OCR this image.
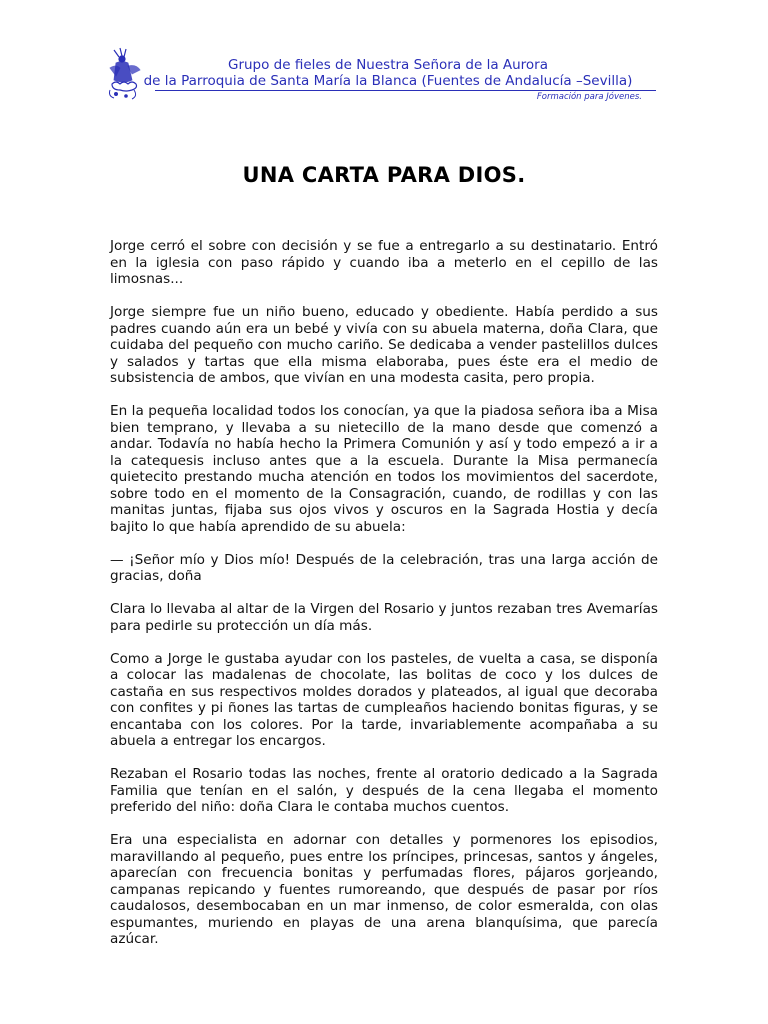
Grupo de fieles de Nuestra Señora de la Aurora
de la Parroquia de Santa María la Blanca (Fuentes de Andalucía –Sevilla)
Formación para Jóvenes.
UNA CARTA PARA DIOS.

Jorge cerró el sobre con decisión y se fue a entregarlo a su destinatario. Entró en la iglesia con paso rápido y cuando iba a meterlo en el cepillo de las limosnas...

Jorge siempre fue un niño bueno, educado y obediente. Había perdido a sus padres cuando aún era un bebé y vivía con su abuela materna, doña Clara, que cuidaba del pequeño con mucho cariño. Se dedicaba a vender pastelillos dulces y salados y tartas que ella misma elaboraba, pues éste era el medio de subsistencia de ambos, que vivían en una modesta casita, pero propia.

En la pequeña localidad todos los conocían, ya que la piadosa señora iba a Misa bien temprano, y llevaba a su nietecillo de la mano desde que comenzó a andar. Todavía no había hecho la Primera Comunión y así y todo empezó a ir a la catequesis incluso antes que a la escuela. Durante la Misa permanecía quietecito prestando mucha atención en todos los movimientos del sacerdote, sobre todo en el momento de la Consagración, cuando, de rodillas y con las manitas juntas, fijaba sus ojos vivos y oscuros en la Sagrada Hostia y decía bajito lo que había aprendido de su abuela:

— ¡Señor mío y Dios mío! Después de la celebración, tras una larga acción de gracias, doña

Clara lo llevaba al altar de la Virgen del Rosario y juntos rezaban tres Avemarías para pedirle su protección un día más.

Como a Jorge le gustaba ayudar con los pasteles, de vuelta a casa, se disponía a colocar las madalenas de chocolate, las bolitas de coco y los dulces de castaña en sus respectivos moldes dorados y plateados, al igual que decoraba con confites y pi ñones las tartas de cumpleaños haciendo bonitas figuras, y se encantaba con los colores. Por la tarde, invariablemente acompañaba a su abuela a entregar los encargos.

Rezaban el Rosario todas las noches, frente al oratorio dedicado a la Sagrada Familia que tenían en el salón, y después de la cena llegaba el momento preferido del niño: doña Clara le contaba muchos cuentos.

Era una especialista en adornar con detalles y pormenores los episodios, maravillando al pequeño, pues entre los príncipes, princesas, santos y ángeles, aparecían con frecuencia bonitas y perfumadas flores, pájaros gorjeando, campanas repicando y fuentes rumoreando, que después de pasar por ríos caudalosos, desembocaban en un mar inmenso, de color esmeralda, con olas espumantes, muriendo en playas de una arena blanquísima, que parecía azúcar.
